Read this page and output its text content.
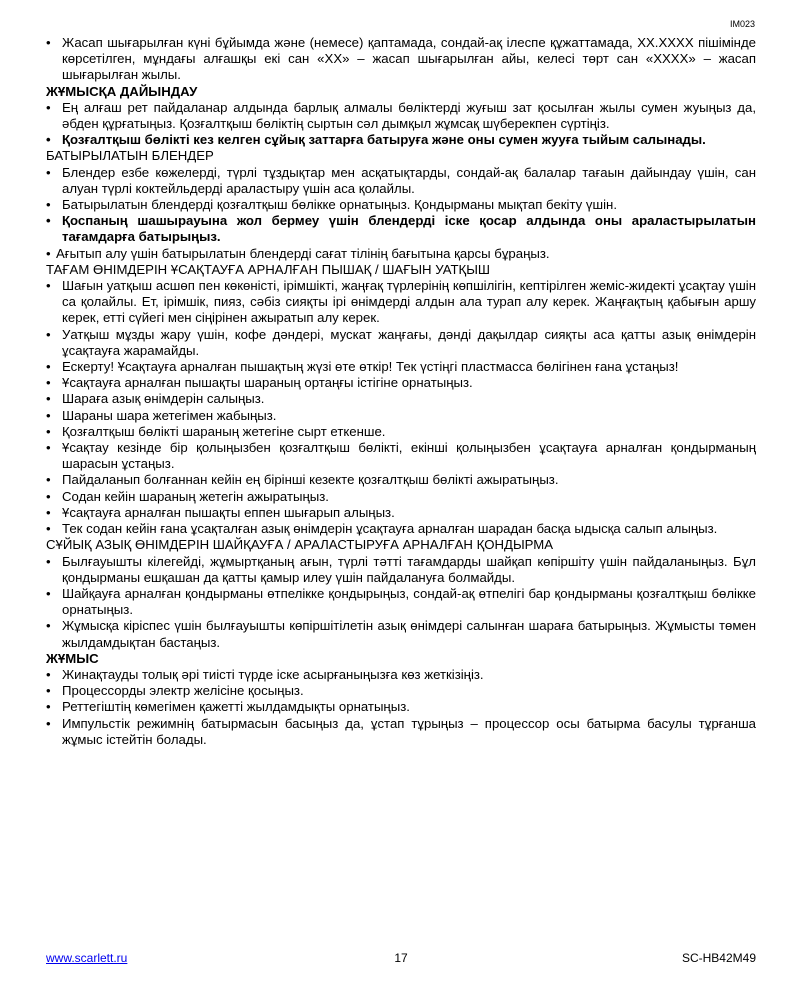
IM023
• Жасап шығарылған күні бұйымда және (немесе) қаптамада, сондай-ақ ілеспе құжаттамада, XX.XXXX пішімінде көрсетілген, мұндағы алғашқы екі сан «XX» – жасап шығарылған айы, келесі төрт сан «XXXX» – жасап шығарылған жылы.
ЖҰМЫСҚА ДАЙЫНДАУ
• Ең алғаш рет пайдаланар алдында барлық алмалы бөліктерді жуғыш зат қосылған жылы сумен жуыңыз да, әбден құрғатыңыз. Қозғалтқыш бөліктің сыртын сәл дымқыл жұмсақ шүберекпен сүртіңіз.
• Қозғалтқыш бөлікті кез келген сұйық заттарға батыруға және оны сумен жууға тыйым салынады.
БАТЫРЫЛАТЫН БЛЕНДЕР
• Блендер езбе көжелерді, түрлі тұздықтар мен асқатықтарды, сондай-ақ балалар тағаын дайындау үшін, сан алуан түрлі коктейльдерді араластыру үшін аса қолайлы.
• Батырылатын блендерді қозғалтқыш бөлікке орнатыңыз. Қондырманы мықтап бекіту үшін.
• Қоспаның шашырауына жол бермеу үшін блендерді іске қосар алдында оны араластырылатын тағамдарға батырыңыз.
• Ағытып алу үшін батырылатын блендерді сағат тілінің бағытына қарсы бұраңыз.
ТАҒАМ ӨНІМДЕРІН ҰСАҚТАУҒА АРНАЛҒАН ПЫШАҚ / ШАҒЫН УАТҚЫШ
• Шағын уатқыш асшөп пен көкөністі, ірімшікті, жаңғақ түрлерінің көпшілігін, кептірілген жеміс-жидекті ұсақтау үшін са қолайлы. Ет, ірімшік, пияз, сәбіз сияқты ірі өнімдерді алдын ала турап алу керек. Жаңғақтың қабығын аршу керек, етті сүйегі мен сіңірінен ажыратып алу керек.
• Уатқыш мұзды жару үшін, кофе дәндері, мускат жаңғағы, дәнді дақылдар сияқты аса қатты азық өнімдерін ұсақтауға жарамайды.
• Ескерту! Ұсақтауға арналған пышақтың жүзі өте өткір! Тек үстіңгі пластмасса бөлігінен ғана ұстаңыз!
• Ұсақтауға арналған пышақты шараның ортаңғы істігіне орнатыңыз.
• Шараға азық өнімдерін салыңыз.
• Шараны шара жетегімен жабыңыз.
• Қозғалтқыш бөлікті шараның жетегіне сырт еткенше.
• Ұсақтау кезінде бір қолыңызбен қозғалтқыш бөлікті, екінші қолыңызбен ұсақтауға арналған қондырманың шарасын ұстаңыз.
• Пайдаланып болғаннан кейін ең бірінші кезекте қозғалтқыш бөлікті ажыратыңыз.
• Содан кейін шараның жетегін ажыратыңыз.
• Ұсақтауға арналған пышақты еппен шығарып алыңыз.
• Тек содан кейін ғана ұсақталған азық өнімдерін ұсақтауға арналған шарадан басқа ыдысқа салып алыңыз.
СҰЙЫҚ АЗЫҚ ӨНІМДЕРІН ШАЙҚАУҒА / АРАЛАСТЫРУҒА АРНАЛҒАН ҚОНДЫРМА
• Былғауышты кілегейді, жұмыртқаның ағын, түрлі тәтті тағамдарды шайқап көпіршіту үшін пайдаланыңыз. Бұл қондырманы ешқашан да қатты қамыр илеу үшін пайдалануға болмайды.
• Шайқауға арналған қондырманы өтпелікке қондырыңыз, сондай-ақ өтпелігі бар қондырманы қозғалтқыш бөлікке орнатыңыз.
• Жұмысқа кіріспес үшін былғауышты көпіршітілетін азық өнімдері салынған шараға батырыңыз. Жұмысты төмен жылдамдықтан бастаңыз.
ЖҰМЫС
• Жинақтауды толық әрі тиісті түрде іске асырғаныңызға көз жеткізіңіз.
• Процессорды электр желісіне қосыңыз.
• Реттегіштің көмегімен қажетті жылдамдықты орнатыңыз.
• Импульстік режимнің батырмасын басыңыз да, ұстап тұрыңыз – процессор осы батырма басулы тұрғанша жұмыс істейтін болады.
www.scarlett.ru	17	SC-HB42M49
